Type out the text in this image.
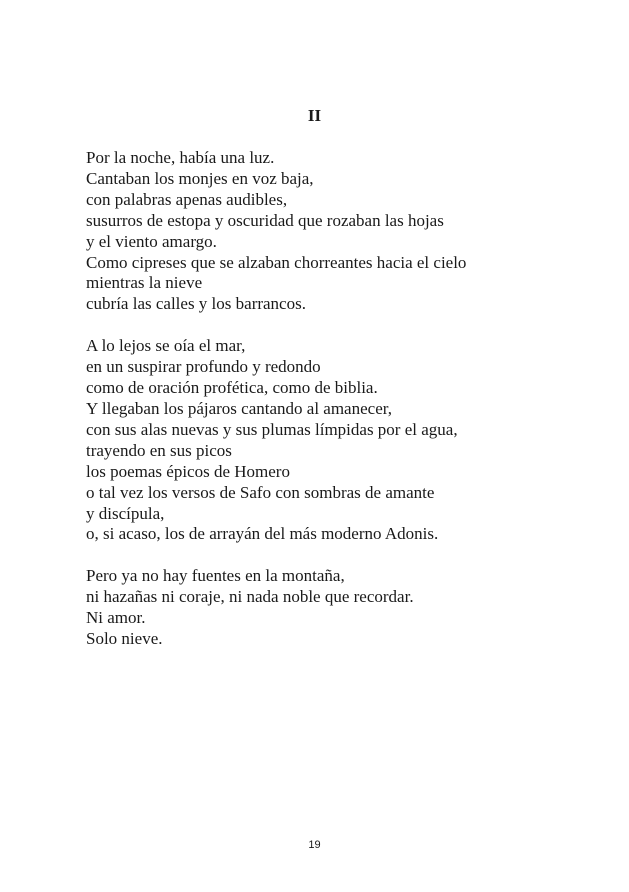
II
Por la noche, había una luz.
Cantaban los monjes en voz baja,
con palabras apenas audibles,
susurros de estopa y oscuridad que rozaban las hojas
y el viento amargo.
Como cipreses que se alzaban chorreantes hacia el cielo
mientras la nieve
cubría las calles y los barrancos.
A lo lejos se oía el mar,
en un suspirar profundo y redondo
como de oración profética, como de biblia.
Y llegaban los pájaros cantando al amanecer,
con sus alas nuevas y sus plumas límpidas por el agua,
trayendo en sus picos
los poemas épicos de Homero
o tal vez los versos de Safo con sombras de amante
y discípula,
o, si acaso, los de arrayán del más moderno Adonis.
Pero ya no hay fuentes en la montaña,
ni hazañas ni coraje, ni nada noble que recordar.
Ni amor.
Solo nieve.
19
